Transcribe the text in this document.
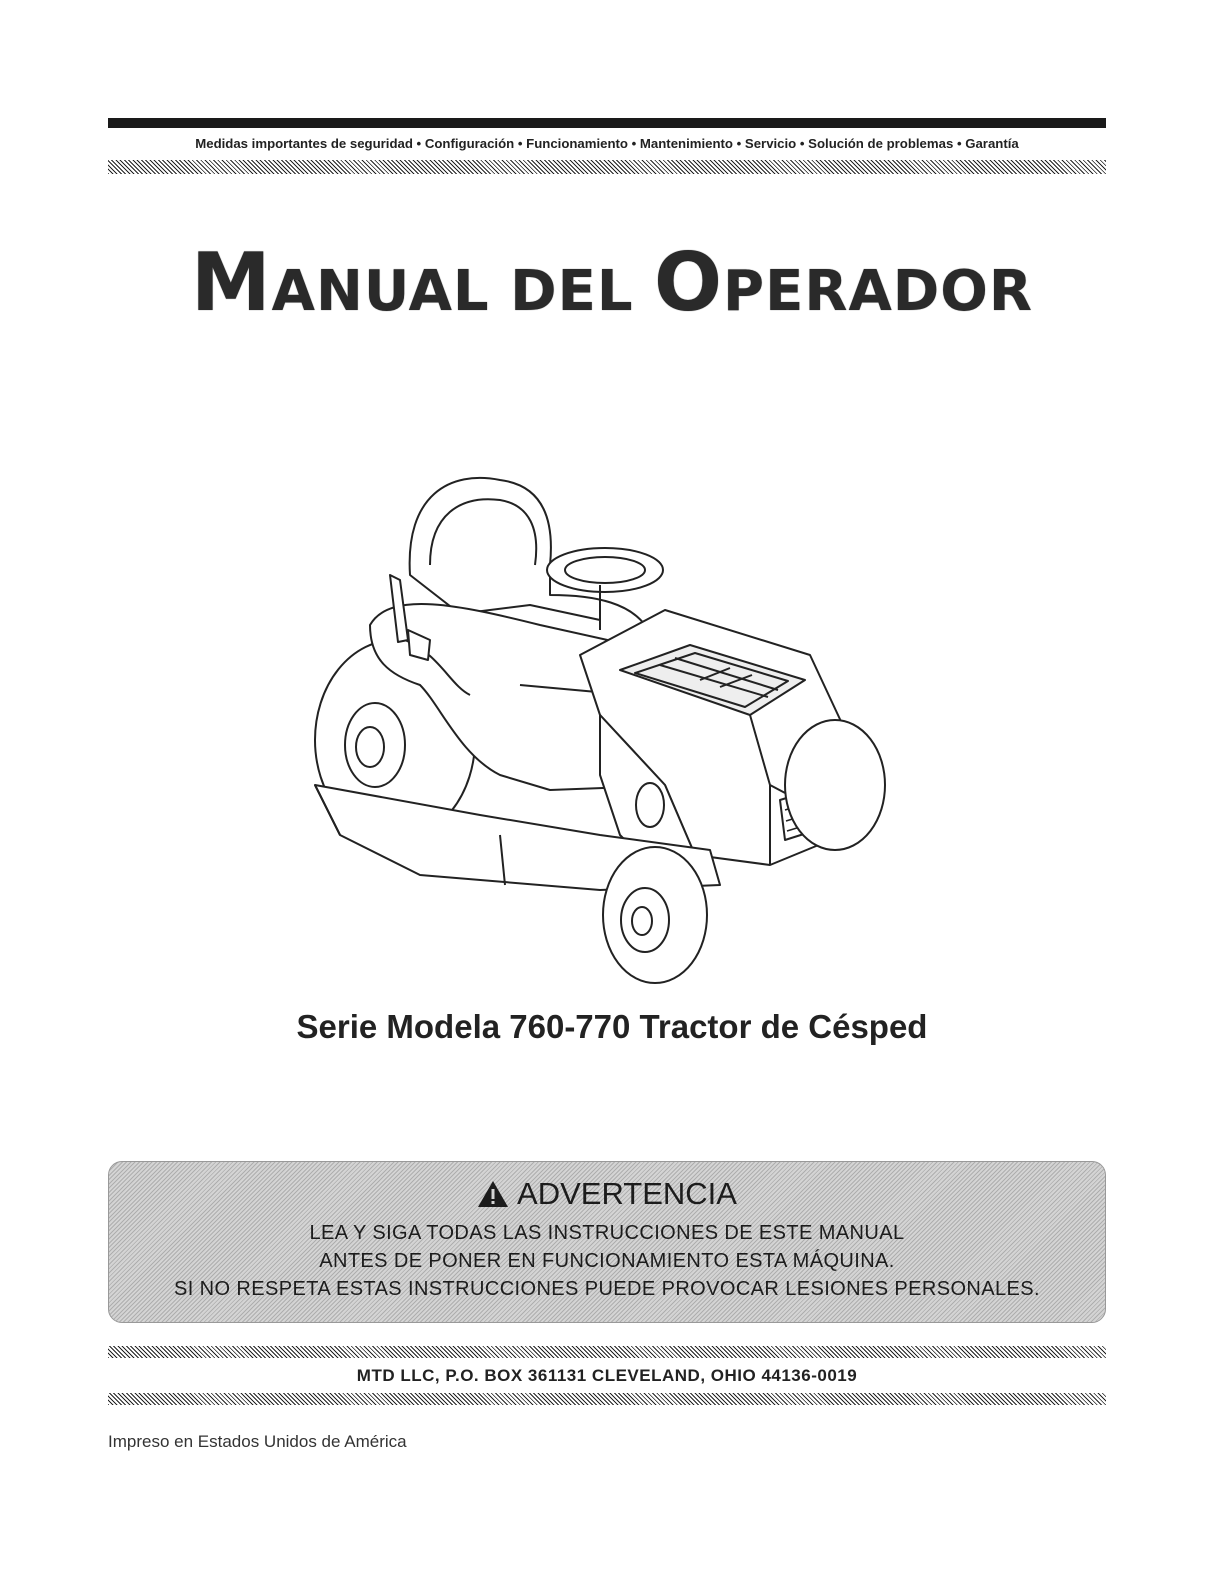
Medidas importantes de seguridad • Configuración • Funcionamiento • Mantenimiento • Servicio • Solución de problemas • Garantía
MANUAL DEL OPERADOR
Serie Modela 760-770 Tractor de Césped
ADVERTENCIA
LEA Y SIGA TODAS LAS INSTRUCCIONES DE ESTE MANUAL
ANTES DE PONER EN FUNCIONAMIENTO ESTA MÁQUINA.
SI NO RESPETA ESTAS INSTRUCCIONES PUEDE PROVOCAR LESIONES PERSONALES.
MTD LLC, P.O. BOX 361131 CLEVELAND, OHIO 44136-0019
Impreso en Estados Unidos de América
